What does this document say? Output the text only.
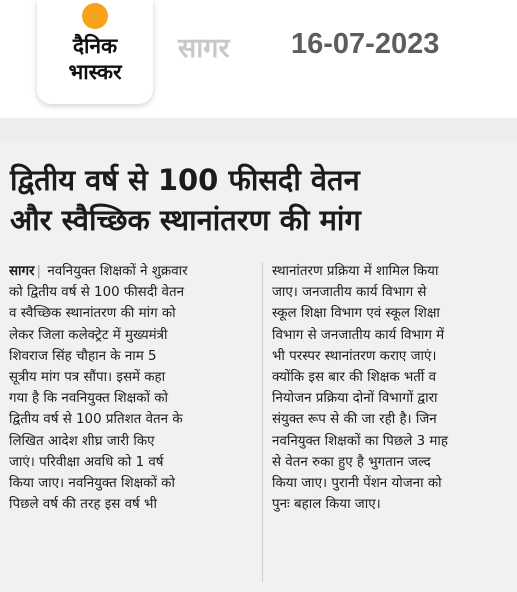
दैनिक
भास्कर
सागर 16-07-2023
द्वितीय वर्ष से 100 फीसदी वेतन
और स्वैच्छिक स्थानांतरण की मांग
सागर | नवनियुक्त शिक्षकों ने शुक्रवार
को द्वितीय वर्ष से 100 फीसदी वेतन
व स्वैच्छिक स्थानांतरण की मांग को
लेकर जिला कलेक्ट्रेट में मुख्यमंत्री
शिवराज सिंह चौहान के नाम 5
सूत्रीय मांग पत्र सौंपा। इसमें कहा
गया है कि नवनियुक्त शिक्षकों को
द्वितीय वर्ष से 100 प्रतिशत वेतन के
लिखित आदेश शीघ्र जारी किए
जाएं। परिवीक्षा अवधि को 1 वर्ष
किया जाए। नवनियुक्त शिक्षकों को
पिछले वर्ष की तरह इस वर्ष भी
स्थानांतरण प्रक्रिया में शामिल किया
जाए। जनजातीय कार्य विभाग से
स्कूल शिक्षा विभाग एवं स्कूल शिक्षा
विभाग से जनजातीय कार्य विभाग में
भी परस्पर स्थानांतरण कराए जाएं।
क्योंकि इस बार की शिक्षक भर्ती व
नियोजन प्रक्रिया दोनों विभागों द्वारा
संयुक्त रूप से की जा रही है। जिन
नवनियुक्त शिक्षकों का पिछले 3 माह
से वेतन रुका हुए है भुगतान जल्द
किया जाए। पुरानी पेंशन योजना को
पुनः बहाल किया जाए।
